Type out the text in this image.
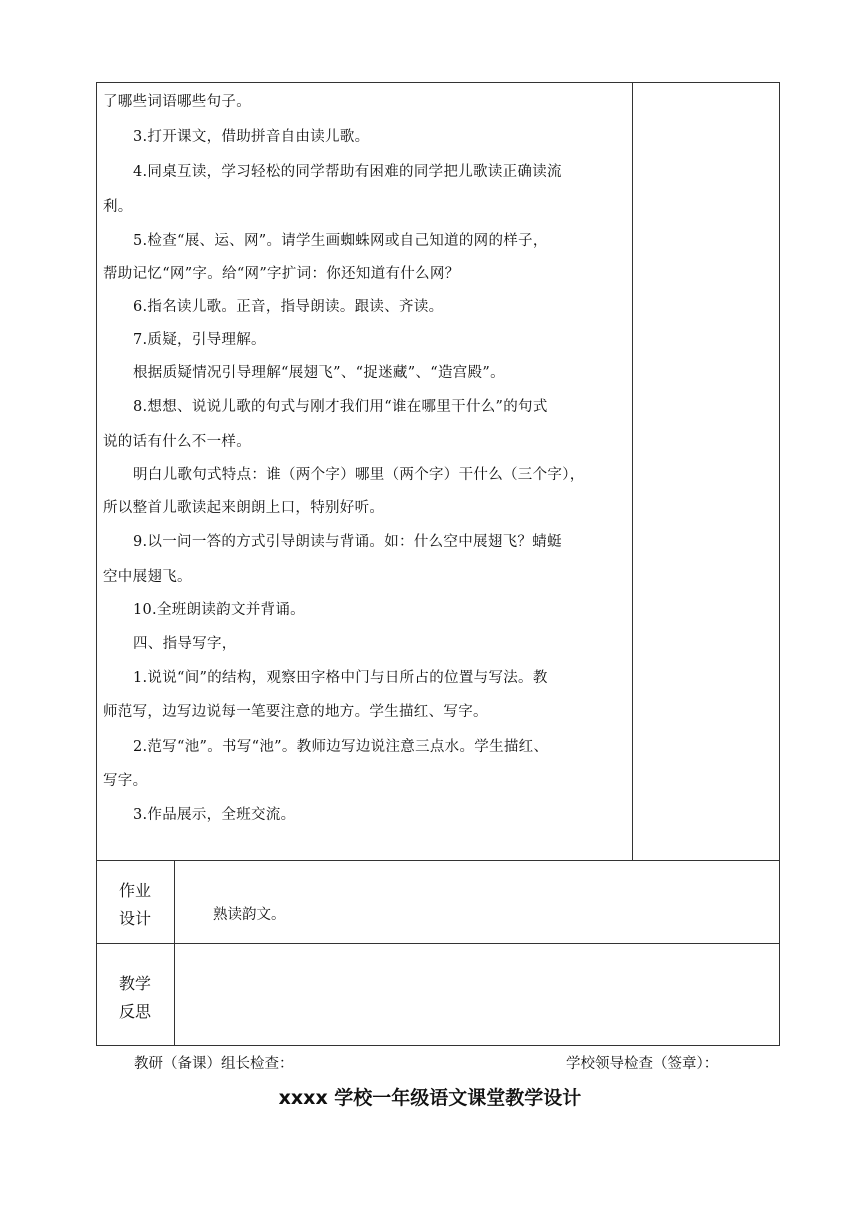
了哪些词语哪些句子。
3.打开课文，借助拼音自由读儿歌。
4.同桌互读，学习轻松的同学帮助有困难的同学把儿歌读正确读流
利。
5.检查“展、运、网”。请学生画蜘蛛网或自己知道的网的样子，
帮助记忆“网”字。给“网”字扩词：你还知道有什么网？
6.指名读儿歌。正音，指导朗读。跟读、齐读。
7.质疑，引导理解。
根据质疑情况引导理解“展翅飞”、“捉迷藏”、“造宫殿”。
8.想想、说说儿歌的句式与刚才我们用“谁在哪里干什么”的句式
说的话有什么不一样。
明白儿歌句式特点：谁（两个字）哪里（两个字）干什么（三个字），
所以整首儿歌读起来朗朗上口，特别好听。
9.以一问一答的方式引导朗读与背诵。如：什么空中展翅飞？蜻蜓
空中展翅飞。
10.全班朗读韵文并背诵。
四、指导写字，
1.说说“间”的结构，观察田字格中门与日所占的位置与写法。教
师范写，边写边说每一笔要注意的地方。学生描红、写字。
2.范写“池”。书写“池”。教师边写边说注意三点水。学生描红、
写字。
3.作品展示，全班交流。
作业
设计	熟读韵文。
教学
反思
教研（备课）组长检查：	学校领导检查（签章）：
xxxx 学校一年级语文课堂教学设计
